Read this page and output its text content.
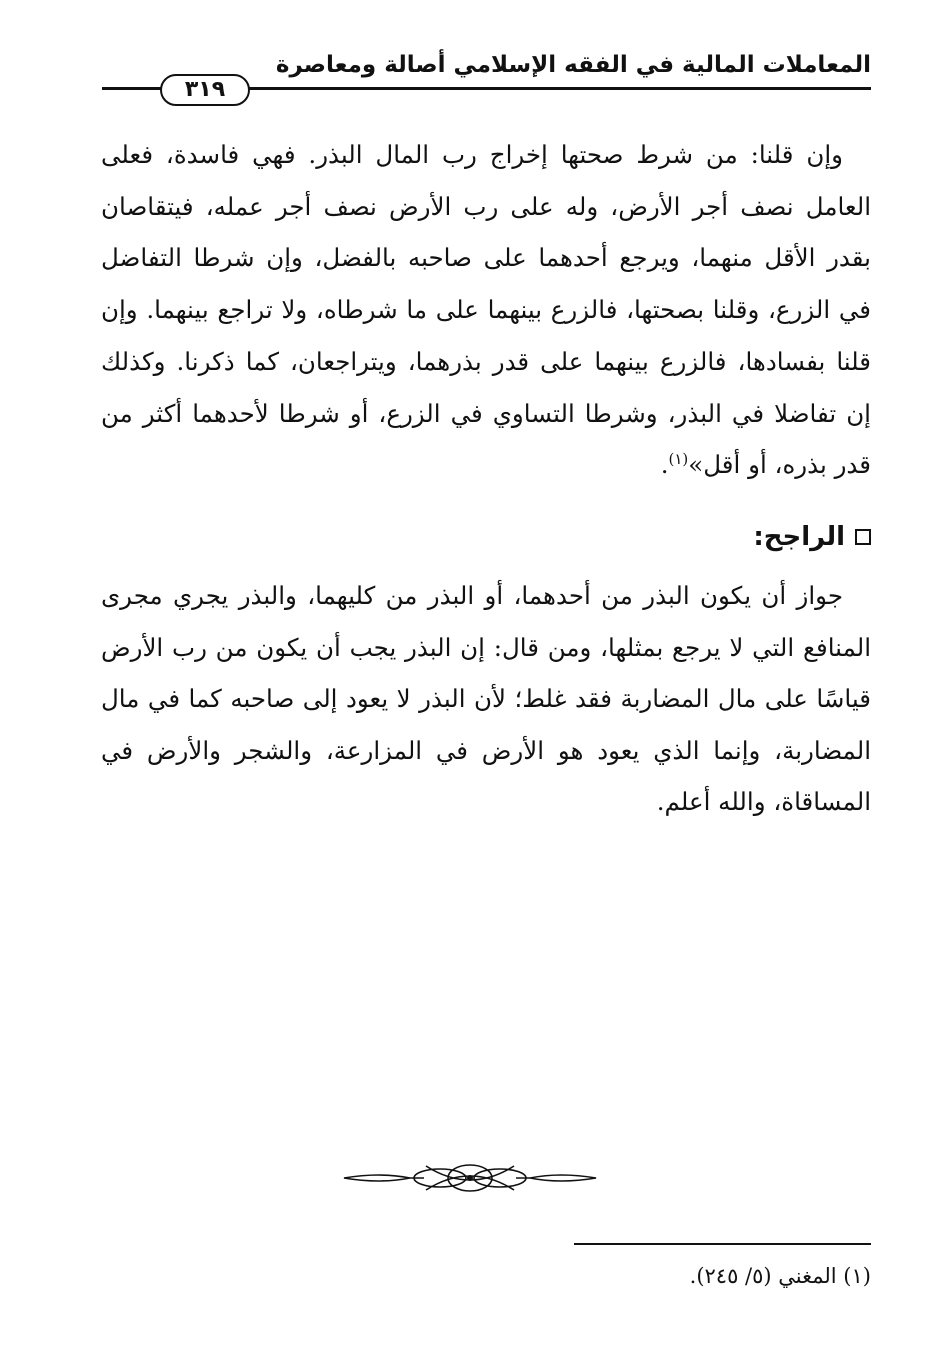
المعاملات المالية في الفقه الإسلامي أصالة ومعاصرة
٣١٩

وإن قلنا: من شرط صحتها إخراج رب المال البذر. فهي فاسدة، فعلى العامل نصف أجر الأرض، وله على رب الأرض نصف أجر عمله، فيتقاصان بقدر الأقل منهما، ويرجع أحدهما على صاحبه بالفضل، وإن شرطا التفاضل في الزرع، وقلنا بصحتها، فالزرع بينهما على ما شرطاه، ولا تراجع بينهما. وإن قلنا بفسادها، فالزرع بينهما على قدر بذرهما، ويتراجعان، كما ذكرنا. وكذلك إن تفاضلا في البذر، وشرطا التساوي في الزرع، أو شرطا لأحدهما أكثر من قدر بذره، أو أقل»$^{(١)}$.

الراجح:

جواز أن يكون البذر من أحدهما، أو البذر من كليهما، والبذر يجري مجرى المنافع التي لا يرجع بمثلها، ومن قال: إن البذر يجب أن يكون من رب الأرض قياسًا على مال المضاربة فقد غلط؛ لأن البذر لا يعود إلى صاحبه كما في مال المضاربة، وإنما الذي يعود هو الأرض في المزارعة، والشجر والأرض في المساقاة، والله أعلم.

(١) المغني (٥/ ٢٤٥).
